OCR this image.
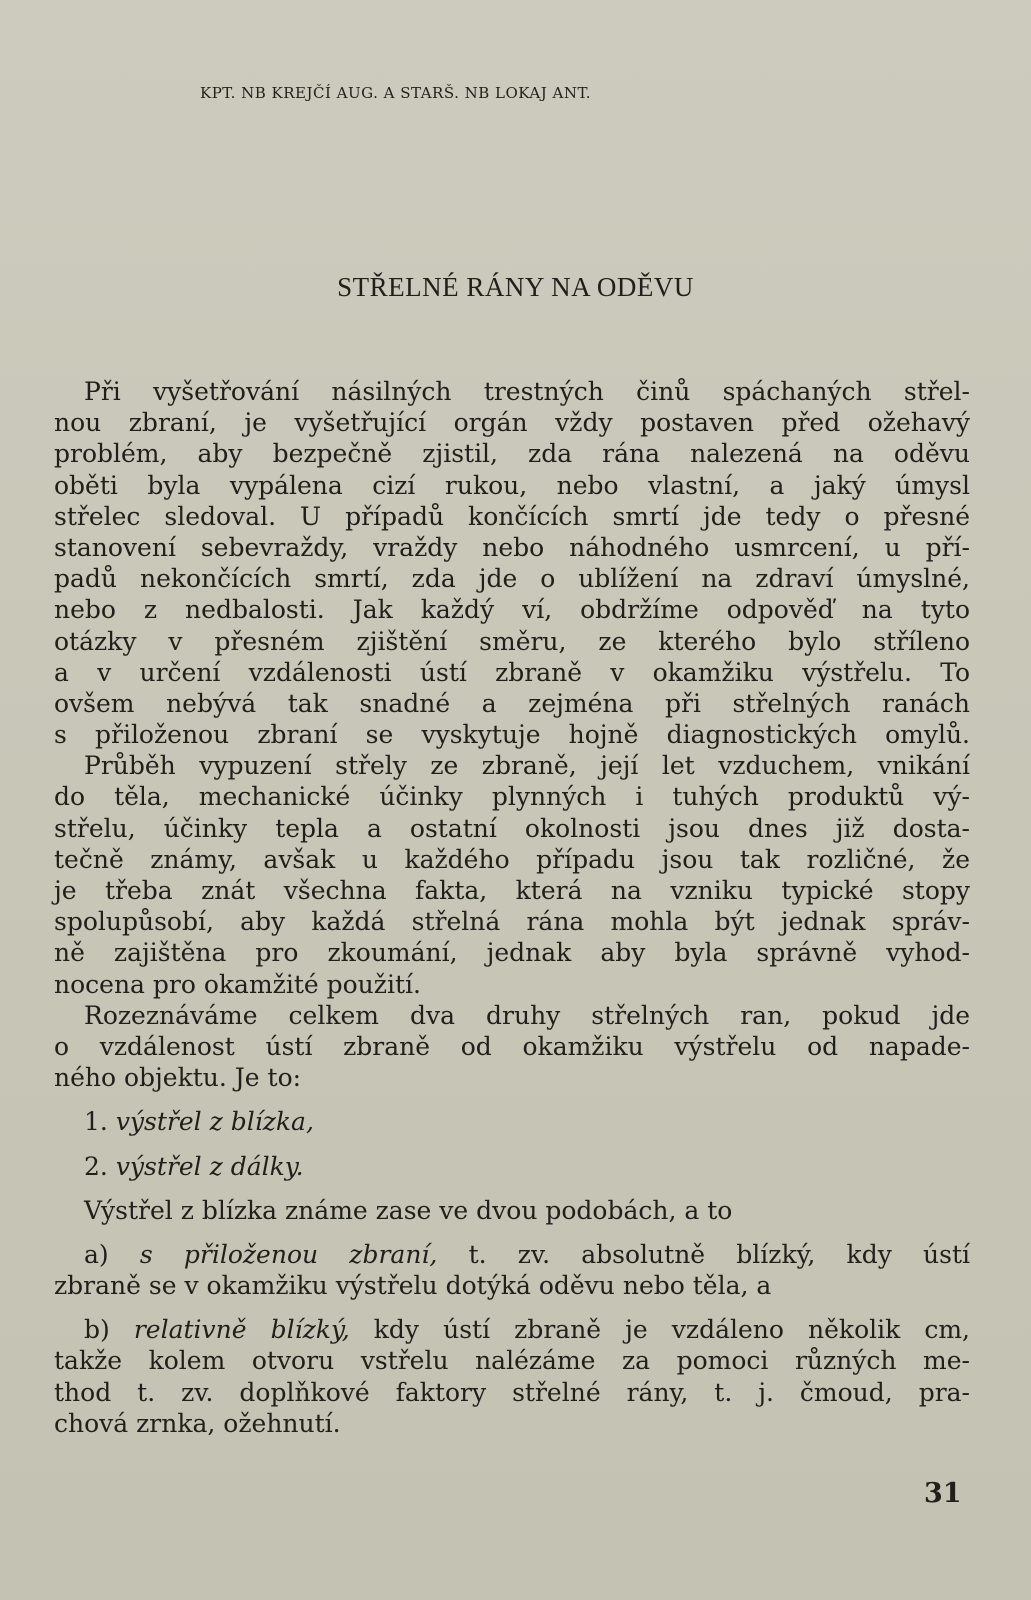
KPT. NB KREJČÍ AUG. A STARŠ. NB LOKAJ ANT.
STŘELNÉ RÁNY NA ODĚVU
Při vyšetřování násilných trestných činů spáchaných střel-
nou zbraní, je vyšetřující orgán vždy postaven před ožehavý
problém, aby bezpečně zjistil, zda rána nalezená na oděvu
oběti byla vypálena cizí rukou, nebo vlastní, a jaký úmysl
střelec sledoval. U případů končících smrtí jde tedy o přesné
stanovení sebevraždy, vraždy nebo náhodného usmrcení, u pří-
padů nekončících smrtí, zda jde o ublížení na zdraví úmyslné,
nebo z nedbalosti. Jak každý ví, obdržíme odpověď na tyto
otázky v přesném zjištění směru, ze kterého bylo stříleno
a v určení vzdálenosti ústí zbraně v okamžiku výstřelu. To
ovšem nebývá tak snadné a zejména při střelných ranách
s přiloženou zbraní se vyskytuje hojně diagnostických omylů.
Průběh vypuzení střely ze zbraně, její let vzduchem, vnikání
do těla, mechanické účinky plynných i tuhých produktů vý-
střelu, účinky tepla a ostatní okolnosti jsou dnes již dosta-
tečně známy, avšak u každého případu jsou tak rozličné, že
je třeba znát všechna fakta, která na vzniku typické stopy
spolupůsobí, aby každá střelná rána mohla být jednak správ-
ně zajištěna pro zkoumání, jednak aby byla správně vyhod-
nocena pro okamžité použití.
Rozeznáváme celkem dva druhy střelných ran, pokud jde
o vzdálenost ústí zbraně od okamžiku výstřelu od napade-
ného objektu. Je to:
1. výstřel z blízka,
2. výstřel z dálky.
Výstřel z blízka známe zase ve dvou podobách, a to
a) s přiloženou zbraní, t. zv. absolutně blízký, kdy ústí
zbraně se v okamžiku výstřelu dotýká oděvu nebo těla, a
b) relativně blízký, kdy ústí zbraně je vzdáleno několik cm,
takže kolem otvoru vstřelu nalézáme za pomoci různých me-
thod t. zv. doplňkové faktory střelné rány, t. j. čmoud, pra-
chová zrnka, ožehnutí.
31
